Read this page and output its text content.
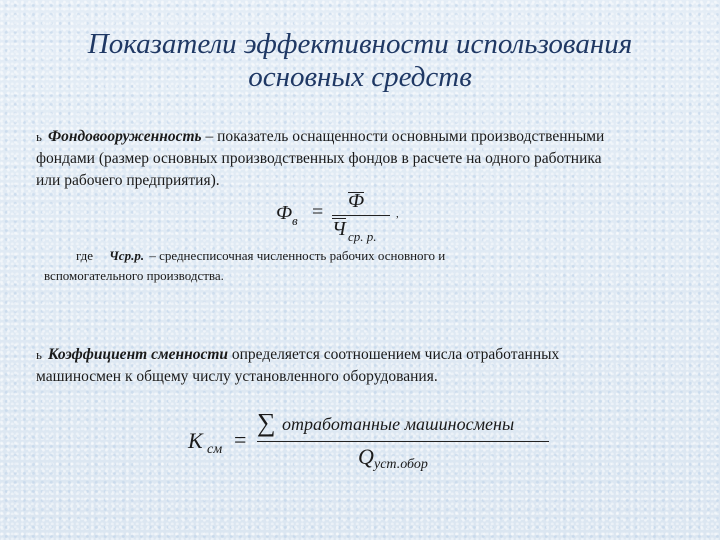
Показатели эффективности использования
основных средств
ь Фондовооруженность – показатель оснащенности основными производственными
фондами (размер основных производственных фондов в расчете на одного работника
или рабочего предприятия).
Ф в = Ф
Ч ср. р.
,
где Чср.р. – среднесписочная численность рабочих основного и
вспомогательного производства.
ь Коэффициент сменности определяется соотношением числа отработанных
машиносмен к общему числу установленного оборудования.
K см =
∑ отработанные машиносмены
Q уст.обор
